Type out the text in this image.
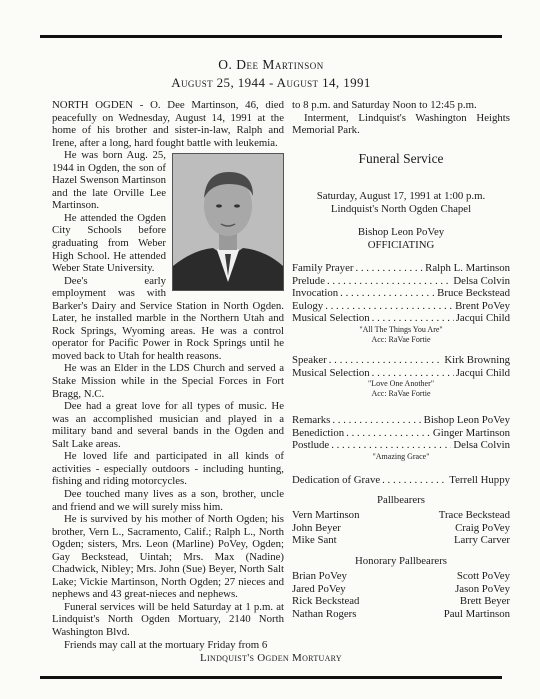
O. Dee Martinson
August 25, 1944 - August 14, 1991

NORTH OGDEN - O. Dee Martinson, 46, died peacefully on Wednesday, August 14, 1991 at the home of his brother and sister-in-law, Ralph and Irene, after a long, hard fought battle with leukemia.

He was born Aug. 25, 1944 in Ogden, the son of Hazel Swenson Martinson and the late Orville Lee Martinson.

He attended the Ogden City Schools before graduating from Weber High School. He attended Weber State University.

Dee's early employment was with Barker's Dairy and Service Station in North Ogden. Later, he installed marble in the Northern Utah and Rock Springs, Wyoming areas. He was a control operator for Pacific Power in Rock Springs until he moved back to Utah for health reasons.

He was an Elder in the LDS Church and served a Stake Mission while in the Special Forces in Fort Bragg, N.C.

Dee had a great love for all types of music. He was an accomplished musician and played in a military band and several bands in the Ogden and Salt Lake areas.

He loved life and participated in all kinds of activities - especially outdoors - including hunting, fishing and riding motorcycles.

Dee touched many lives as a son, brother, uncle and friend and we will surely miss him.

He is survived by his mother of North Ogden; his brother, Vern L., Sacramento, Calif.; Ralph L., North Ogden; sisters, Mrs. Leon (Marline) PoVey, Ogden; Gay Beckstead, Uintah; Mrs. Max (Nadine) Chadwick, Nibley; Mrs. John (Sue) Beyer, North Salt Lake; Vickie Martinson, North Ogden; 27 nieces and nephews and 43 great-nieces and nephews.

Funeral services will be held Saturday at 1 p.m. at Lindquist's North Ogden Mortuary, 2140 North Washington Blvd.

Friends may call at the mortuary Friday from 6

to 8 p.m. and Saturday Noon to 12:45 p.m.

Interment, Lindquist's Washington Heights Memorial Park.

Funeral Service
Saturday, August 17, 1991 at 1:00 p.m.
Lindquist's North Ogden Chapel
Bishop Leon PoVey
OFFICIATING
Family Prayer . . .	Ralph L. Martinson
Prelude . . .	Delsa Colvin
Invocation . . .	Bruce Beckstead
Eulogy . . .	Brent PoVey
Musical Selection . . .	Jacqui Child
"All The Things You Are"
Acc: RaVae Fortie
Speaker . . .	Kirk Browning
Musical Selection . . .	Jacqui Child
"Love One Another"
Acc: RaVae Fortie
Remarks . . .	Bishop Leon PoVey
Benediction . . .	Ginger Martinson
Postlude . . .	Delsa Colvin
"Amazing Grace"
Dedication of Grave . . .	Terrell Huppy
Pallbearers
Vern Martinson	Trace Beckstead
John Beyer	Craig PoVey
Mike Sant	Larry Carver
Honorary Pallbearers
Brian PoVey	Scott PoVey
Jared PoVey	Jason PoVey
Rick Beckstead	Brett Beyer
Nathan Rogers	Paul Martinson
Lindquist's Ogden Mortuary
